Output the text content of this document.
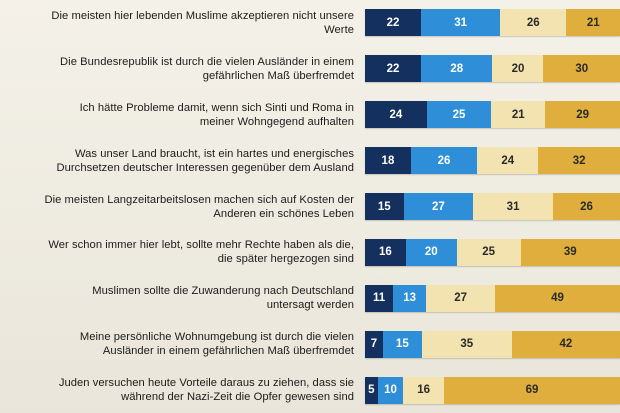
Die meisten hier lebenden Muslime akzeptieren nicht unsere
Werte
22	31	26	21
Die Bundesrepublik ist durch die vielen Ausländer in einem
gefährlichen Maß überfremdet
22	28	20	30
Ich hätte Probleme damit, wenn sich Sinti und Roma in
meiner Wohngegend aufhalten
24	25	21	29
Was unser Land braucht, ist ein hartes und energisches
Durchsetzen deutscher Interessen gegenüber dem Ausland
18	26	24	32
Die meisten Langzeitarbeitslosen machen sich auf Kosten der
Anderen ein schönes Leben
15	27	31	26
Wer schon immer hier lebt, sollte mehr Rechte haben als die,
die später hergezogen sind
16	20	25	39
Muslimen sollte die Zuwanderung nach Deutschland
untersagt werden
11	13	27	49
Meine persönliche Wohnumgebung ist durch die vielen
Ausländer in einem gefährlichen Maß überfremdet
7	15	35	42
Juden versuchen heute Vorteile daraus zu ziehen, dass sie
während der Nazi-Zeit die Opfer gewesen sind
5 10	16	69
